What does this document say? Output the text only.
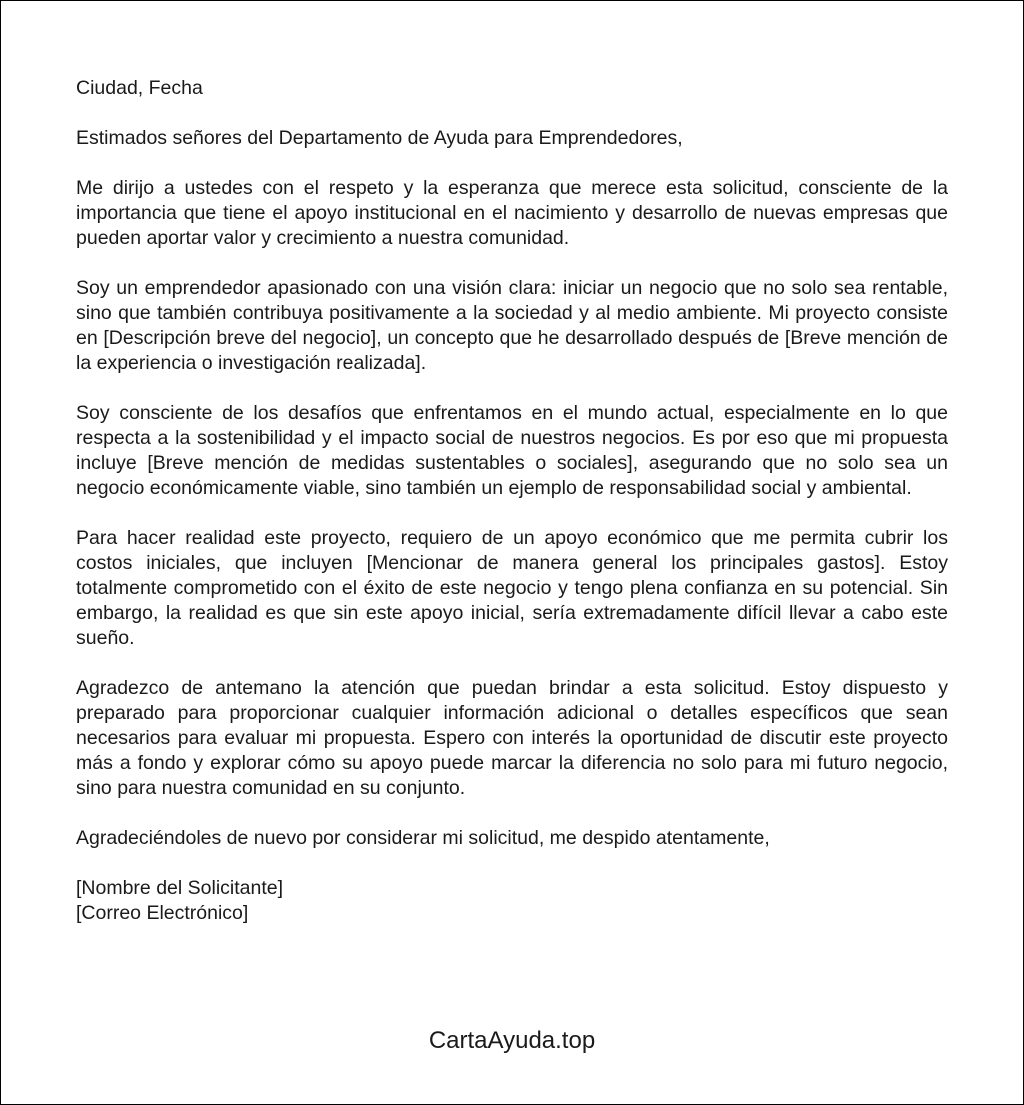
Ciudad, Fecha

Estimados señores del Departamento de Ayuda para Emprendedores,

Me dirijo a ustedes con el respeto y la esperanza que merece esta solicitud, consciente de la importancia que tiene el apoyo institucional en el nacimiento y desarrollo de nuevas empresas que pueden aportar valor y crecimiento a nuestra comunidad.

Soy un emprendedor apasionado con una visión clara: iniciar un negocio que no solo sea rentable, sino que también contribuya positivamente a la sociedad y al medio ambiente. Mi proyecto consiste en [Descripción breve del negocio], un concepto que he desarrollado después de [Breve mención de la experiencia o investigación realizada].

Soy consciente de los desafíos que enfrentamos en el mundo actual, especialmente en lo que respecta a la sostenibilidad y el impacto social de nuestros negocios. Es por eso que mi propuesta incluye [Breve mención de medidas sustentables o sociales], asegurando que no solo sea un negocio económicamente viable, sino también un ejemplo de responsabilidad social y ambiental.

Para hacer realidad este proyecto, requiero de un apoyo económico que me permita cubrir los costos iniciales, que incluyen [Mencionar de manera general los principales gastos]. Estoy totalmente comprometido con el éxito de este negocio y tengo plena confianza en su potencial. Sin embargo, la realidad es que sin este apoyo inicial, sería extremadamente difícil llevar a cabo este sueño.

Agradezco de antemano la atención que puedan brindar a esta solicitud. Estoy dispuesto y preparado para proporcionar cualquier información adicional o detalles específicos que sean necesarios para evaluar mi propuesta. Espero con interés la oportunidad de discutir este proyecto más a fondo y explorar cómo su apoyo puede marcar la diferencia no solo para mi futuro negocio, sino para nuestra comunidad en su conjunto.

Agradeciéndoles de nuevo por considerar mi solicitud, me despido atentamente,

[Nombre del Solicitante]
[Correo Electrónico]
CartaAyuda.top
